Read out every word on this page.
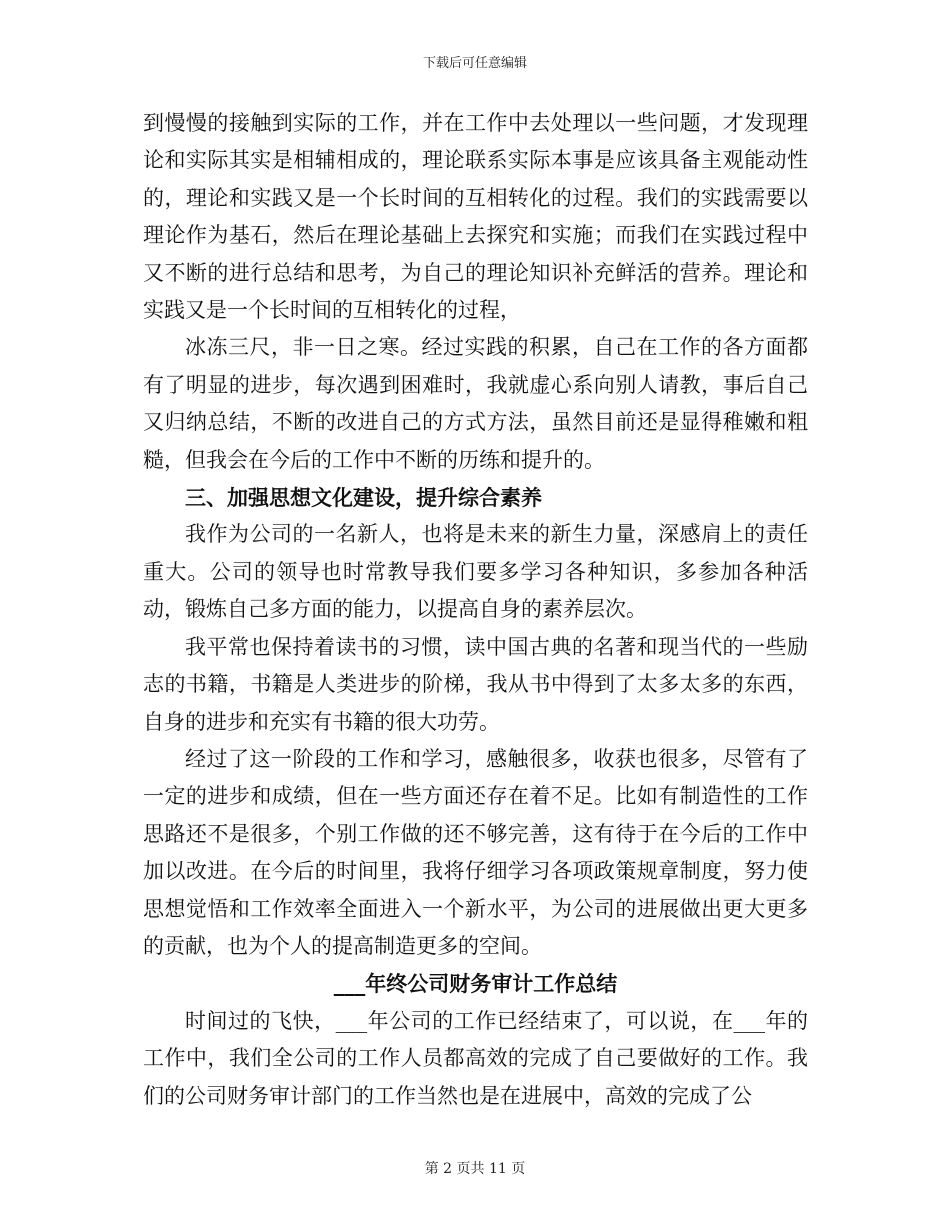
下载后可任意编辑

到慢慢的接触到实际的工作，并在工作中去处理以一些问题，才发现理论和实际其实是相辅相成的，理论联系实际本事是应该具备主观能动性的，理论和实践又是一个长时间的互相转化的过程。我们的实践需要以理论作为基石，然后在理论基础上去探究和实施；而我们在实践过程中又不断的进行总结和思考，为自己的理论知识补充鲜活的营养。理论和实践又是一个长时间的互相转化的过程，

冰冻三尺，非一日之寒。经过实践的积累，自己在工作的各方面都有了明显的进步，每次遇到困难时，我就虚心系向别人请教，事后自己又归纳总结，不断的改进自己的方式方法，虽然目前还是显得稚嫩和粗糙，但我会在今后的工作中不断的历练和提升的。

三、加强思想文化建设，提升综合素养

我作为公司的一名新人，也将是未来的新生力量，深感肩上的责任重大。公司的领导也时常教导我们要多学习各种知识，多参加各种活动，锻炼自己多方面的能力，以提高自身的素养层次。

我平常也保持着读书的习惯，读中国古典的名著和现当代的一些励志的书籍，书籍是人类进步的阶梯，我从书中得到了太多太多的东西，自身的进步和充实有书籍的很大功劳。

经过了这一阶段的工作和学习，感触很多，收获也很多，尽管有了一定的进步和成绩，但在一些方面还存在着不足。比如有制造性的工作思路还不是很多，个别工作做的还不够完善，这有待于在今后的工作中加以改进。在今后的时间里，我将仔细学习各项政策规章制度，努力使思想觉悟和工作效率全面进入一个新水平，为公司的进展做出更大更多的贡献，也为个人的提高制造更多的空间。

___年终公司财务审计工作总结

时间过的飞快，___年公司的工作已经结束了，可以说，在___年的工作中，我们全公司的工作人员都高效的完成了自己要做好的工作。我们的公司财务审计部门的工作当然也是在进展中，高效的完成了公

第 2 页共 11 页
